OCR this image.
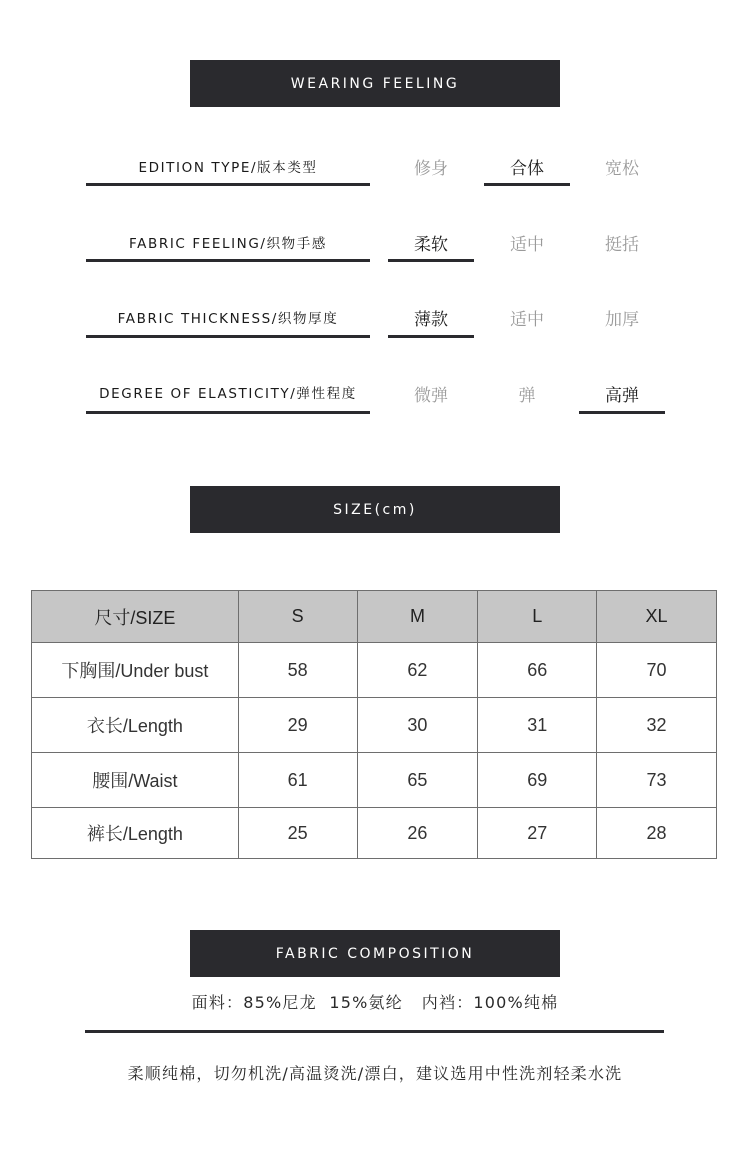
WEARING FEELING
EDITION TYPE/版本类型	修身	合体	宽松
FABRIC FEELING/织物手感	柔软	适中	挺括
FABRIC THICKNESS/织物厚度	薄款	适中	加厚
DEGREE OF ELASTICITY/弹性程度	微弹	弹	高弹
SIZE(cm)
尺寸/SIZE	S	M	L	XL
下胸围/Under bust	58	62	66	70
衣长/Length	29	30	31	32
腰围/Waist	61	65	69	73
裤长/Length	25	26	27	28
FABRIC COMPOSITION
面料：85%尼龙  15%氨纶   内裆：100%纯棉
柔顺纯棉，切勿机洗/高温烫洗/漂白，建议选用中性洗剂轻柔水洗
